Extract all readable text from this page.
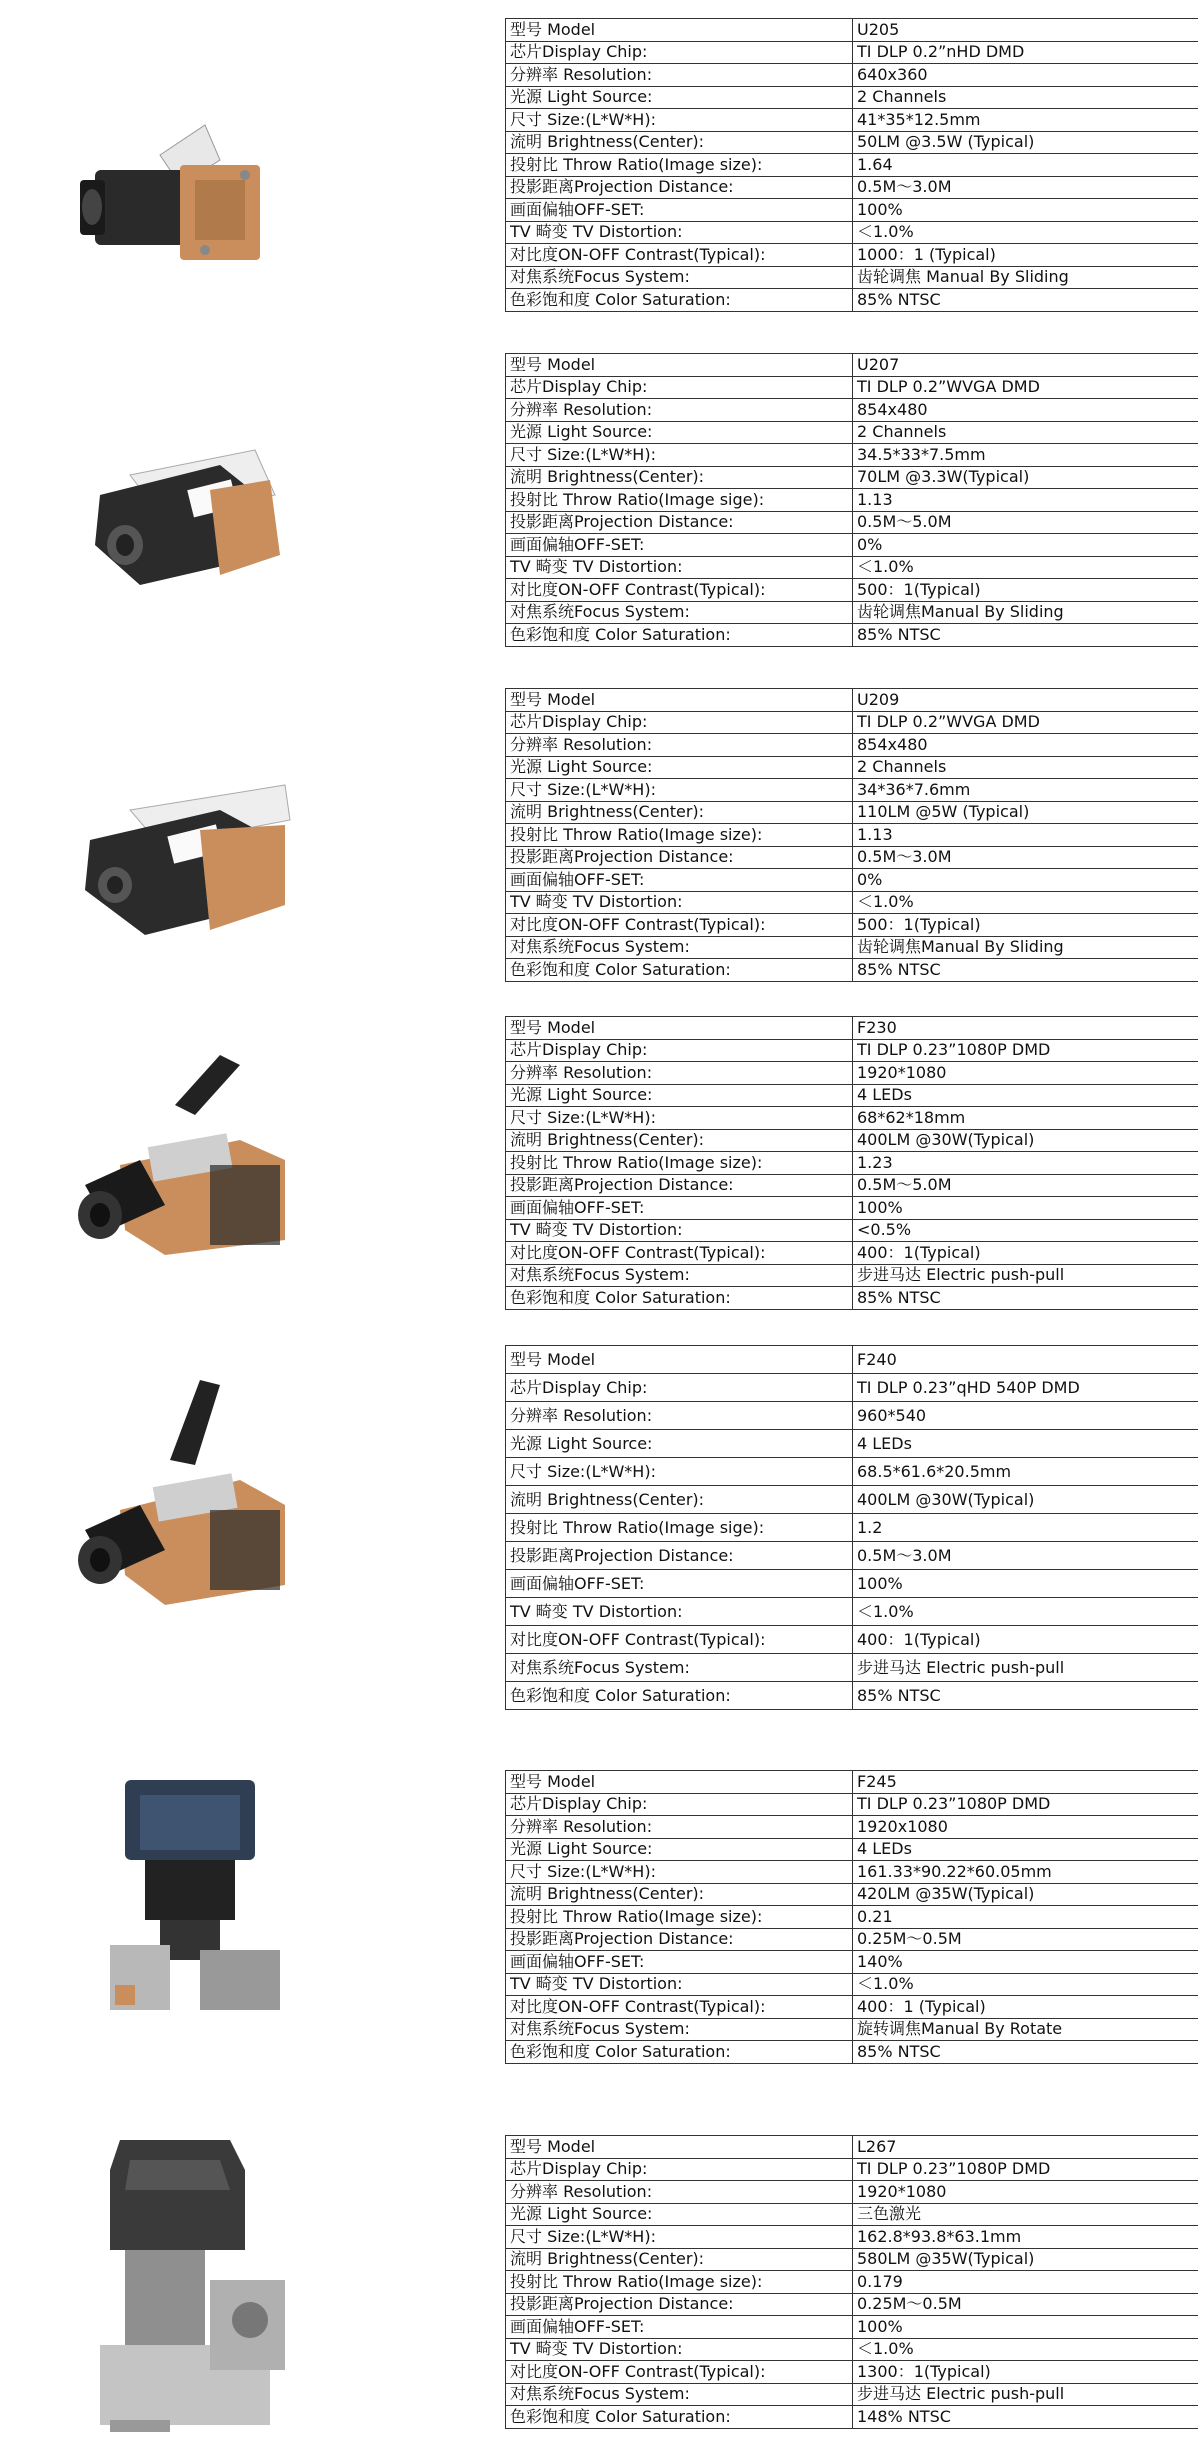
型号 Model	U205
芯片Display Chip:	TI DLP 0.2”nHD DMD
分辨率 Resolution:	640x360
光源 Light Source:	2 Channels
尺寸 Size:(L*W*H):	41*35*12.5mm
流明 Brightness(Center):	50LM @3.5W (Typical)
投射比 Throw Ratio(Image size):	1.64
投影距离Projection Distance:	0.5M～3.0M
画面偏轴OFF-SET:	100%
TV 畸变 TV Distortion:	＜1.0%
对比度ON-OFF Contrast(Typical):	1000：1 (Typical)
对焦系统Focus System:	齿轮调焦 Manual By Sliding
色彩饱和度 Color Saturation:	85% NTSC
型号 Model	U207
芯片Display Chip:	TI DLP 0.2”WVGA DMD
分辨率 Resolution:	854x480
光源 Light Source:	2 Channels
尺寸 Size:(L*W*H):	34.5*33*7.5mm
流明 Brightness(Center):	70LM @3.3W(Typical)
投射比 Throw Ratio(Image sige):	1.13
投影距离Projection Distance:	0.5M～5.0M
画面偏轴OFF-SET:	0%
TV 畸变 TV Distortion:	＜1.0%
对比度ON-OFF Contrast(Typical):	500：1(Typical)
对焦系统Focus System:	齿轮调焦Manual By Sliding
色彩饱和度 Color Saturation:	85% NTSC
型号 Model	U209
芯片Display Chip:	TI DLP 0.2”WVGA DMD
分辨率 Resolution:	854x480
光源 Light Source:	2 Channels
尺寸 Size:(L*W*H):	34*36*7.6mm
流明 Brightness(Center):	110LM @5W (Typical)
投射比 Throw Ratio(Image size):	1.13
投影距离Projection Distance:	0.5M～3.0M
画面偏轴OFF-SET:	0%
TV 畸变 TV Distortion:	＜1.0%
对比度ON-OFF Contrast(Typical):	500：1(Typical)
对焦系统Focus System:	齿轮调焦Manual By Sliding
色彩饱和度 Color Saturation:	85% NTSC
型号 Model	F230
芯片Display Chip:	TI DLP 0.23”1080P DMD
分辨率 Resolution:	1920*1080
光源 Light Source:	4 LEDs
尺寸 Size:(L*W*H):	68*62*18mm
流明 Brightness(Center):	400LM @30W(Typical)
投射比 Throw Ratio(Image size):	1.23
投影距离Projection Distance:	0.5M～5.0M
画面偏轴OFF-SET:	100%
TV 畸变 TV Distortion:	<0.5%
对比度ON-OFF Contrast(Typical):	400：1(Typical)
对焦系统Focus System:	步进马达 Electric push-pull
色彩饱和度 Color Saturation:	85% NTSC
型号 Model	F240
芯片Display Chip:	TI DLP 0.23”qHD 540P DMD
分辨率 Resolution:	960*540
光源 Light Source:	4 LEDs
尺寸 Size:(L*W*H):	68.5*61.6*20.5mm
流明 Brightness(Center):	400LM @30W(Typical)
投射比 Throw Ratio(Image sige):	1.2
投影距离Projection Distance:	0.5M～3.0M
画面偏轴OFF-SET:	100%
TV 畸变 TV Distortion:	＜1.0%
对比度ON-OFF Contrast(Typical):	400：1(Typical)
对焦系统Focus System:	步进马达 Electric push-pull
色彩饱和度 Color Saturation:	85% NTSC
型号 Model	F245
芯片Display Chip:	TI DLP 0.23”1080P DMD
分辨率 Resolution:	1920x1080
光源 Light Source:	4 LEDs
尺寸 Size:(L*W*H):	161.33*90.22*60.05mm
流明 Brightness(Center):	420LM @35W(Typical)
投射比 Throw Ratio(Image size):	0.21
投影距离Projection Distance:	0.25M～0.5M
画面偏轴OFF-SET:	140%
TV 畸变 TV Distortion:	＜1.0%
对比度ON-OFF Contrast(Typical):	400：1 (Typical)
对焦系统Focus System:	旋转调焦Manual By Rotate
色彩饱和度 Color Saturation:	85% NTSC
型号 Model	L267
芯片Display Chip:	TI DLP 0.23”1080P DMD
分辨率 Resolution:	1920*1080
光源 Light Source:	三色激光
尺寸 Size:(L*W*H):	162.8*93.8*63.1mm
流明 Brightness(Center):	580LM @35W(Typical)
投射比 Throw Ratio(Image size):	0.179
投影距离Projection Distance:	0.25M～0.5M
画面偏轴OFF-SET:	100%
TV 畸变 TV Distortion:	＜1.0%
对比度ON-OFF Contrast(Typical):	1300：1(Typical)
对焦系统Focus System:	步进马达 Electric push-pull
色彩饱和度 Color Saturation:	148% NTSC
